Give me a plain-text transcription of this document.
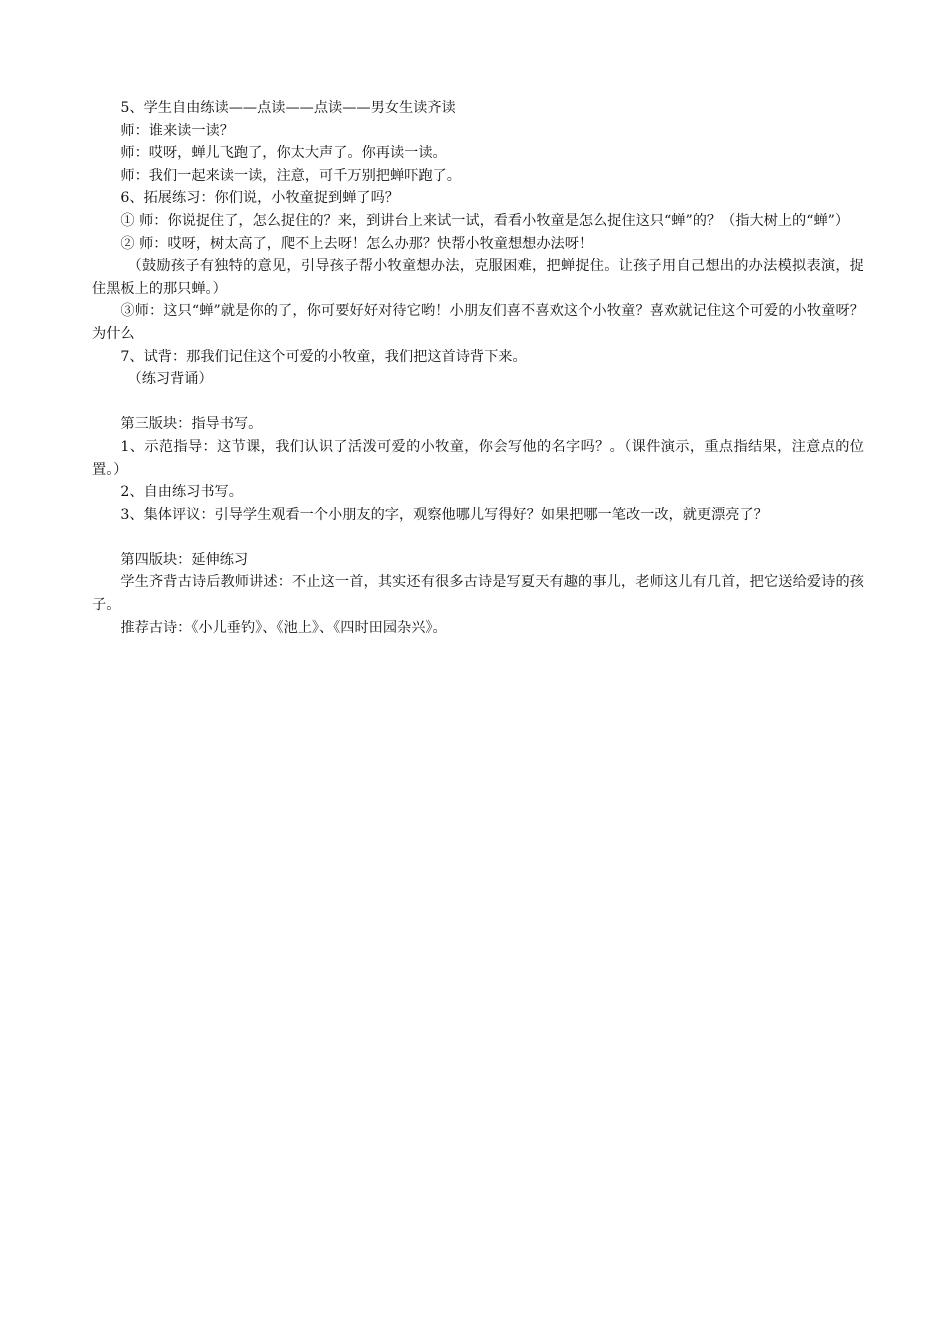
5、学生自由练读——点读——点读——男女生读齐读

师：谁来读一读？

师：哎呀，蝉儿飞跑了，你太大声了。你再读一读。

师：我们一起来读一读，注意，可千万别把蝉吓跑了。

6、拓展练习：你们说，小牧童捉到蝉了吗？

① 师：你说捉住了，怎么捉住的？来，到讲台上来试一试，看看小牧童是怎么捉住这只“蝉”的？（指大树上的“蝉”）

② 师：哎呀，树太高了，爬不上去呀！怎么办那？快帮小牧童想想办法呀！

（鼓励孩子有独特的意见，引导孩子帮小牧童想办法，克服困难，把蝉捉住。让孩子用自己想出的办法模拟表演，捉住黑板上的那只蝉。）

③师：这只“蝉”就是你的了，你可要好好对待它哟！小朋友们喜不喜欢这个小牧童？喜欢就记住这个可爱的小牧童呀？为什么

7、试背：那我们记住这个可爱的小牧童，我们把这首诗背下来。

（练习背诵）

第三版块：指导书写。

1、示范指导：这节课，我们认识了活泼可爱的小牧童，你会写他的名字吗？。（课件演示，重点指结果，注意点的位置。）

2、自由练习书写。

3、集体评议：引导学生观看一个小朋友的字，观察他哪儿写得好？如果把哪一笔改一改，就更漂亮了？

第四版块：延伸练习

学生齐背古诗后教师讲述：不止这一首，其实还有很多古诗是写夏天有趣的事儿，老师这儿有几首，把它送给爱诗的孩子。

推荐古诗：《小儿垂钓》、《池上》、《四时田园杂兴》。
